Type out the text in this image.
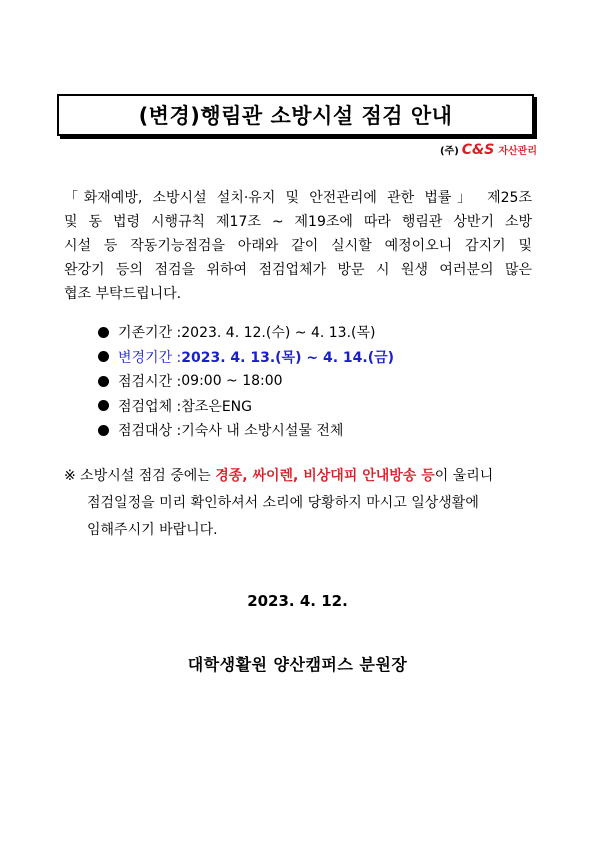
(변경)행림관 소방시설 점검 안내
(주) C&S 자산관리
「화재예방, 소방시설 설치·유지 및 안전관리에 관한 법률」 제25조
및 동 법령 시행규칙 제17조 ~ 제19조에 따라 행림관 상반기 소방
시설 등 작동기능점검을 아래와 같이 실시할 예정이오니 감지기 및
완강기 등의 점검을 위하여 점검업체가 방문 시 원생 여러분의 많은
협조 부탁드립니다.
기존기간 : 2023. 4. 12.(수) ~ 4. 13.(목)
변경기간 : 2023. 4. 13.(목) ~ 4. 14.(금)
점검시간 : 09:00 ~ 18:00
점검업체 : 참조은ENG
점검대상 : 기숙사 내 소방시설물 전체
※ 소방시설 점검 중에는 경종, 싸이렌, 비상대피 안내방송 등이 울리니
점검일정을 미리 확인하셔서 소리에 당황하지 마시고 일상생활에
임해주시기 바랍니다.
2023. 4. 12.
대학생활원 양산캠퍼스 분원장
